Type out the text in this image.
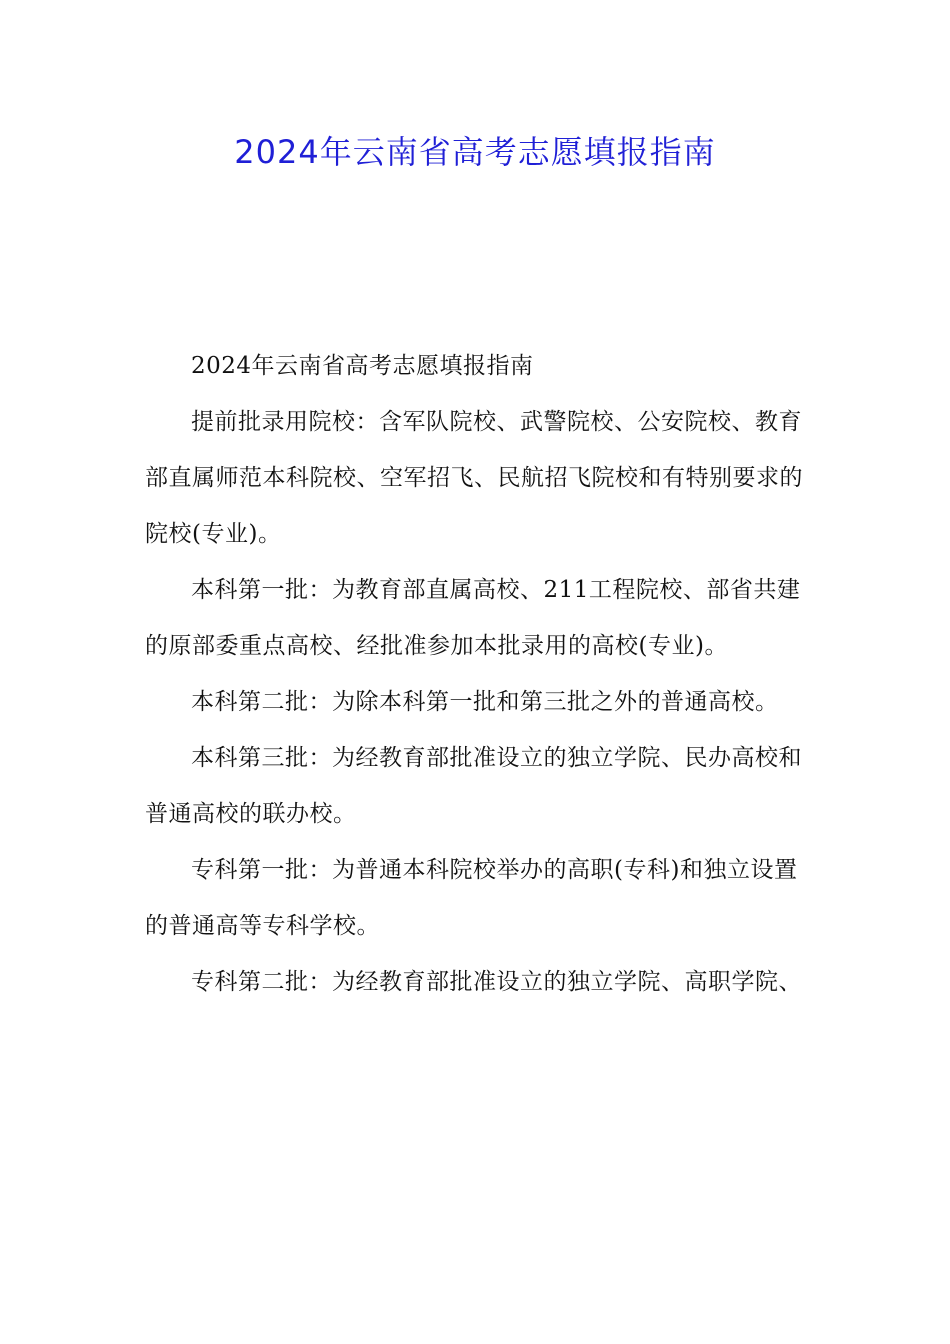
2024年云南省高考志愿填报指南

2024年云南省高考志愿填报指南

提前批录用院校：含军队院校、武警院校、公安院校、教育部直属师范本科院校、空军招飞、民航招飞院校和有特别要求的院校(专业)。

本科第一批：为教育部直属高校、211工程院校、部省共建的原部委重点高校、经批准参加本批录用的高校(专业)。

本科第二批：为除本科第一批和第三批之外的普通高校。

本科第三批：为经教育部批准设立的独立学院、民办高校和普通高校的联办校。

专科第一批：为普通本科院校举办的高职(专科)和独立设置的普通高等专科学校。

专科第二批：为经教育部批准设立的独立学院、高职学院、
